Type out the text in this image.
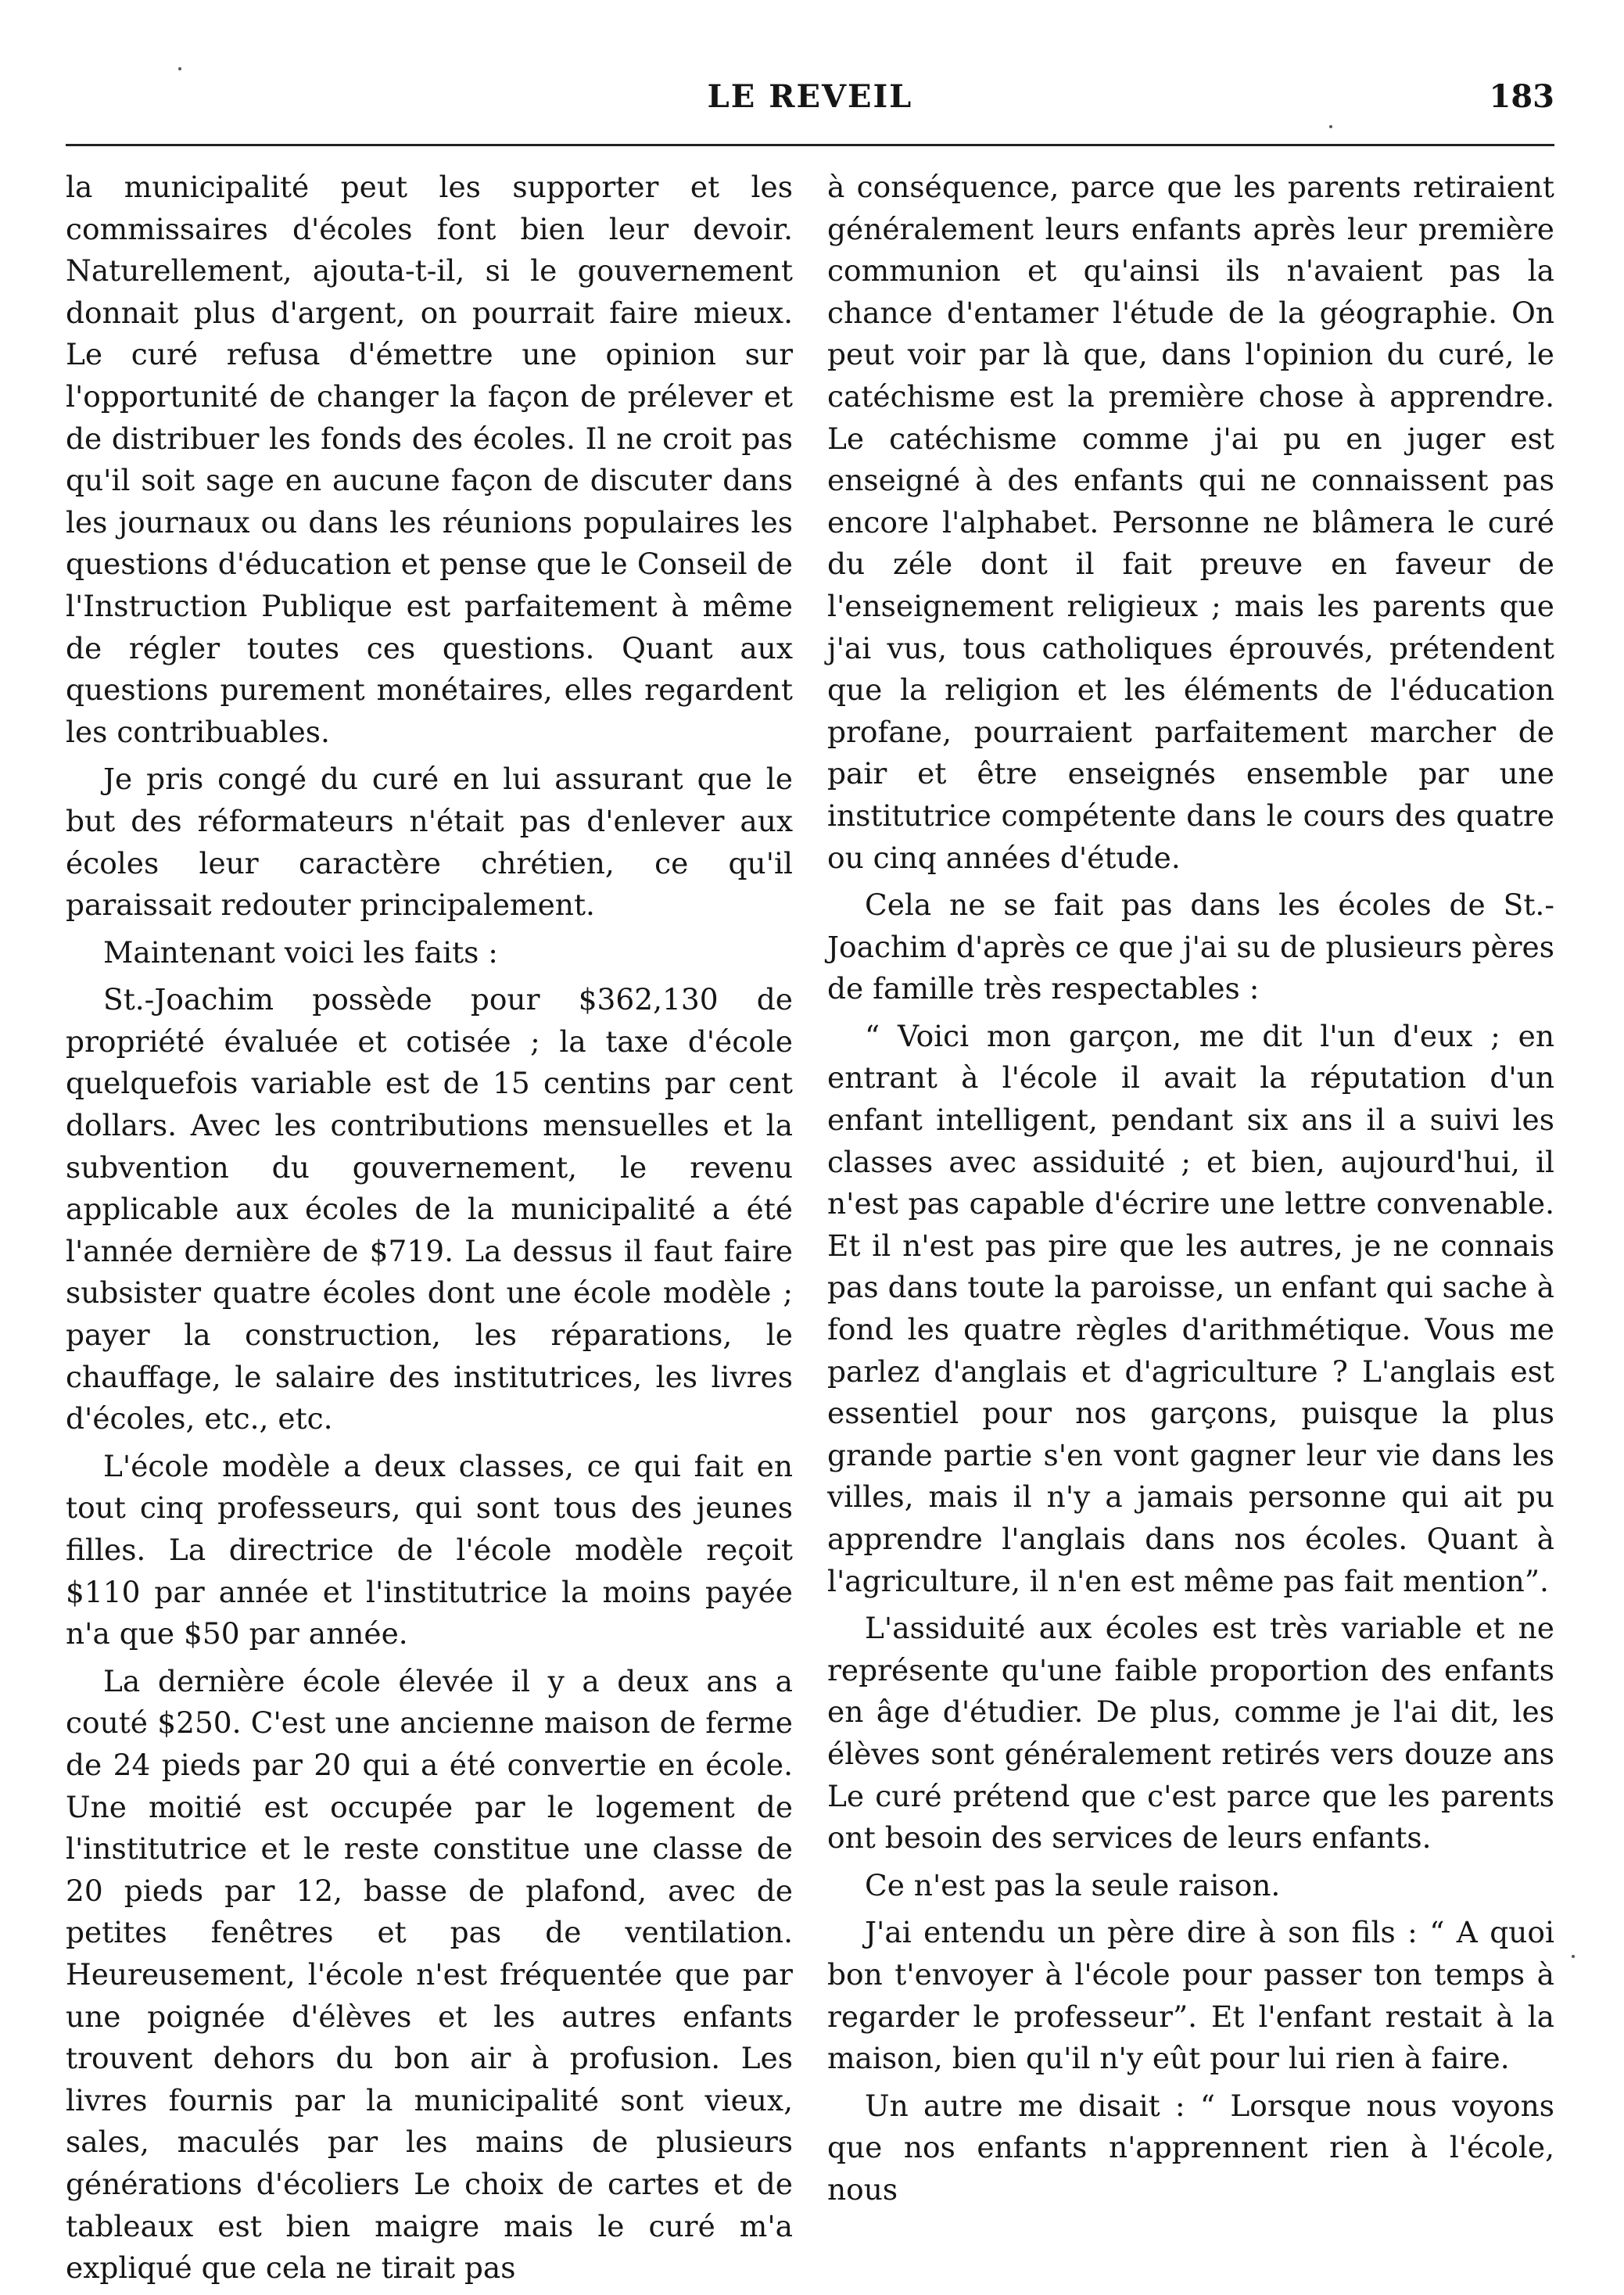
LE REVEIL	183

la municipalité peut les supporter et les commissaires d'écoles font bien leur devoir. Naturellement, ajouta-t-il, si le gouvernement donnait plus d'argent, on pourrait faire mieux. Le curé refusa d'émettre une opinion sur l'opportunité de changer la façon de prélever et de distribuer les fonds des écoles. Il ne croit pas qu'il soit sage en aucune façon de discuter dans les journaux ou dans les réunions populaires les questions d'éducation et pense que le Conseil de l'Instruction Publique est parfaitement à même de régler toutes ces questions. Quant aux questions purement monétaires, elles regardent les contribuables.

Je pris congé du curé en lui assurant que le but des réformateurs n'était pas d'enlever aux écoles leur caractère chrétien, ce qu'il paraissait redouter principalement.

Maintenant voici les faits :

St.-Joachim possède pour $362,130 de propriété évaluée et cotisée ; la taxe d'école quelquefois variable est de 15 centins par cent dollars. Avec les contributions mensuelles et la subvention du gouvernement, le revenu applicable aux écoles de la municipalité a été l'année dernière de $719. La dessus il faut faire subsister quatre écoles dont une école modèle ; payer la construction, les réparations, le chauffage, le salaire des institutrices, les livres d'écoles, etc., etc.

L'école modèle a deux classes, ce qui fait en tout cinq professeurs, qui sont tous des jeunes filles. La directrice de l'école modèle reçoit $110 par année et l'institutrice la moins payée n'a que $50 par année.

La dernière école élevée il y a deux ans a couté $250. C'est une ancienne maison de ferme de 24 pieds par 20 qui a été convertie en école. Une moitié est occupée par le logement de l'institutrice et le reste constitue une classe de 20 pieds par 12, basse de plafond, avec de petites fenêtres et pas de ventilation. Heureusement, l'école n'est fréquentée que par une poignée d'élèves et les autres enfants trouvent dehors du bon air à profusion. Les livres fournis par la municipalité sont vieux, sales, maculés par les mains de plusieurs générations d'écoliers Le choix de cartes et de tableaux est bien maigre mais le curé m'a expliqué que cela ne tirait pas

à conséquence, parce que les parents retiraient généralement leurs enfants après leur première communion et qu'ainsi ils n'avaient pas la chance d'entamer l'étude de la géographie. On peut voir par là que, dans l'opinion du curé, le catéchisme est la première chose à apprendre. Le catéchisme comme j'ai pu en juger est enseigné à des enfants qui ne connaissent pas encore l'alphabet. Personne ne blâmera le curé du zéle dont il fait preuve en faveur de l'enseignement religieux ; mais les parents que j'ai vus, tous catholiques éprouvés, prétendent que la religion et les éléments de l'éducation profane, pourraient parfaitement marcher de pair et être enseignés ensemble par une institutrice compétente dans le cours des quatre ou cinq années d'étude.

Cela ne se fait pas dans les écoles de St.-Joachim d'après ce que j'ai su de plusieurs pères de famille très respectables :

“ Voici mon garçon, me dit l'un d'eux ; en entrant à l'école il avait la réputation d'un enfant intelligent, pendant six ans il a suivi les classes avec assiduité ; et bien, aujourd'hui, il n'est pas capable d'écrire une lettre convenable. Et il n'est pas pire que les autres, je ne connais pas dans toute la paroisse, un enfant qui sache à fond les quatre règles d'arithmétique. Vous me parlez d'anglais et d'agriculture ? L'anglais est essentiel pour nos garçons, puisque la plus grande partie s'en vont gagner leur vie dans les villes, mais il n'y a jamais personne qui ait pu apprendre l'anglais dans nos écoles. Quant à l'agriculture, il n'en est même pas fait mention”.

L'assiduité aux écoles est très variable et ne représente qu'une faible proportion des enfants en âge d'étudier. De plus, comme je l'ai dit, les élèves sont généralement retirés vers douze ans Le curé prétend que c'est parce que les parents ont besoin des services de leurs enfants.

Ce n'est pas la seule raison.

J'ai entendu un père dire à son fils : “ A quoi bon t'envoyer à l'école pour passer ton temps à regarder le professeur”. Et l'enfant restait à la maison, bien qu'il n'y eût pour lui rien à faire.

Un autre me disait : “ Lorsque nous voyons que nos enfants n'apprennent rien à l'école, nous
